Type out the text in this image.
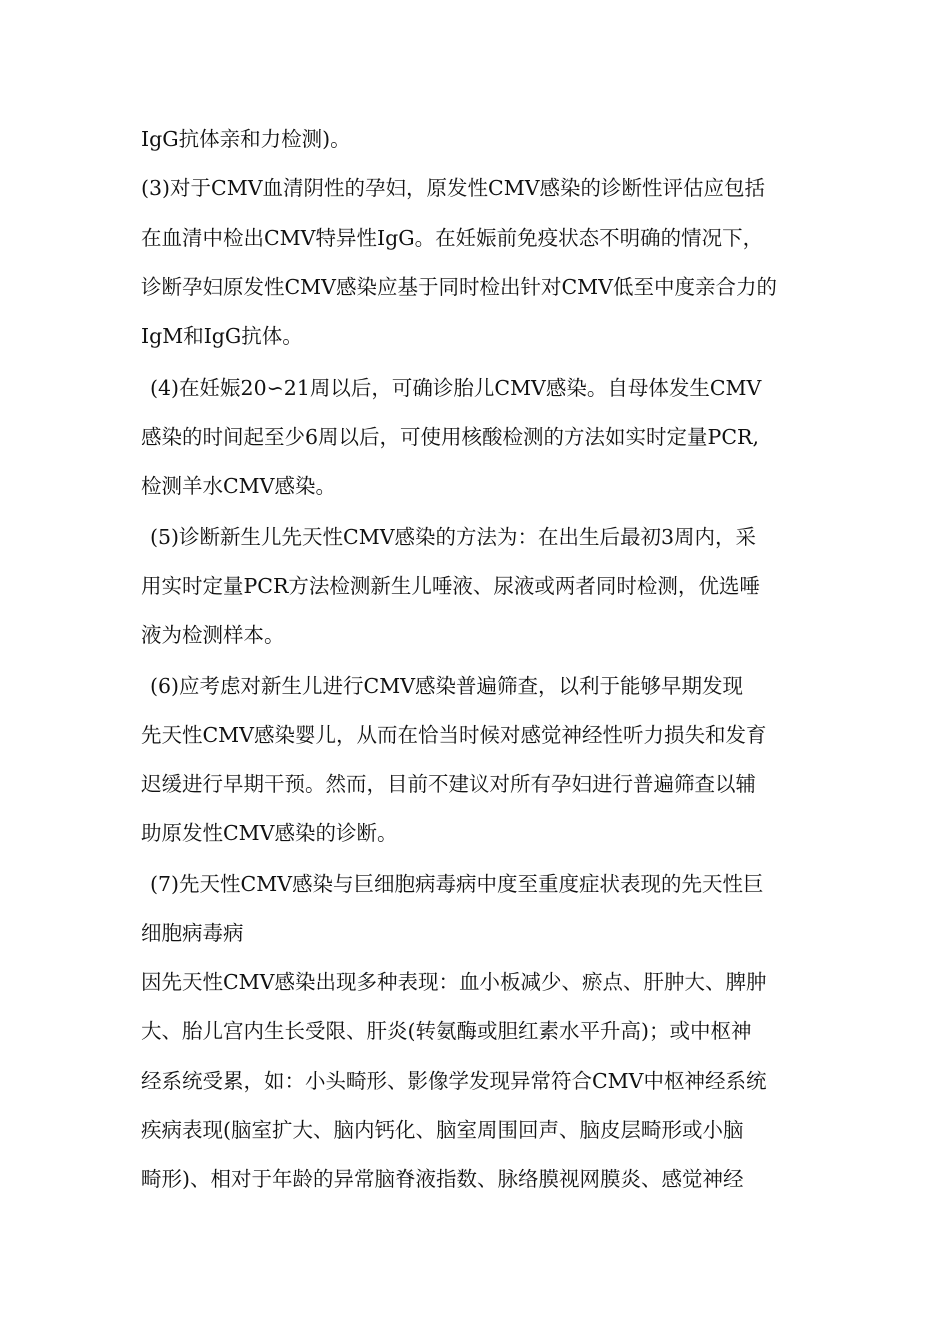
IgG抗体亲和力检测)。
(3)对于CMV血清阴性的孕妇，原发性CMV感染的诊断性评估应包括
在血清中检出CMV特异性IgG。在妊娠前免疫状态不明确的情况下，
诊断孕妇原发性CMV感染应基于同时检出针对CMV低至中度亲合力的
IgM和IgG抗体。
(4)在妊娠20∽21周以后，可确诊胎儿CMV感染。自母体发生CMV
感染的时间起至少6周以后，可使用核酸检测的方法如实时定量PCR,
检测羊水CMV感染。
(5)诊断新生儿先天性CMV感染的方法为：在出生后最初3周内，采
用实时定量PCR方法检测新生儿唾液、尿液或两者同时检测，优选唾
液为检测样本。
(6)应考虑对新生儿进行CMV感染普遍筛查，以利于能够早期发现
先天性CMV感染婴儿，从而在恰当时候对感觉神经性听力损失和发育
迟缓进行早期干预。然而，目前不建议对所有孕妇进行普遍筛查以辅
助原发性CMV感染的诊断。
(7)先天性CMV感染与巨细胞病毒病中度至重度症状表现的先天性巨
细胞病毒病
因先天性CMV感染出现多种表现：血小板减少、瘀点、肝肿大、脾肿
大、胎儿宫内生长受限、肝炎(转氨酶或胆红素水平升高)；或中枢神
经系统受累，如：小头畸形、影像学发现异常符合CMV中枢神经系统
疾病表现(脑室扩大、脑内钙化、脑室周围回声、脑皮层畸形或小脑
畸形)、相对于年龄的异常脑脊液指数、脉络膜视网膜炎、感觉神经
